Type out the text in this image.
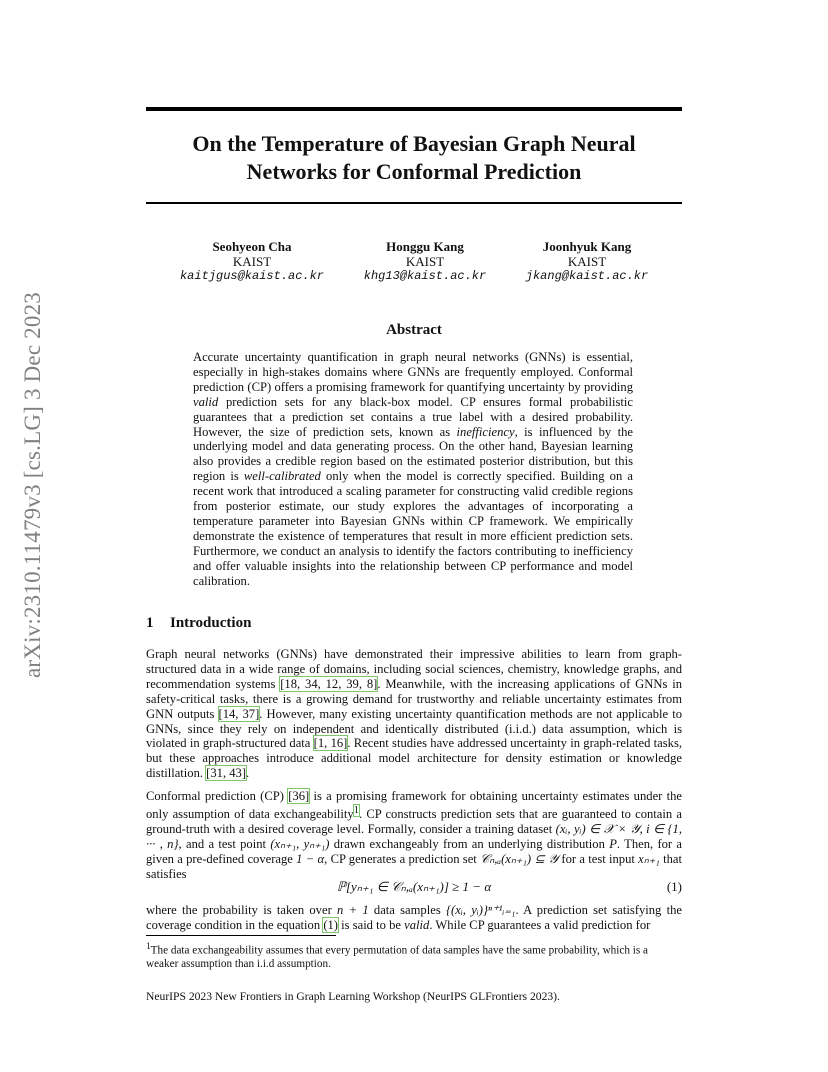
arXiv:2310.11479v3 [cs.LG] 3 Dec 2023
On the Temperature of Bayesian Graph Neural
Networks for Conformal Prediction
Seohyeon Cha
KAIST
kaitjgus@kaist.ac.kr
Honggu Kang
KAIST
khg13@kaist.ac.kr
Joonhyuk Kang
KAIST
jkang@kaist.ac.kr
Abstract
Accurate uncertainty quantification in graph neural networks (GNNs) is essential, especially in high-stakes domains where GNNs are frequently employed. Conformal prediction (CP) offers a promising framework for quantifying uncertainty by providing valid prediction sets for any black-box model. CP ensures formal probabilistic guarantees that a prediction set contains a true label with a desired probability. However, the size of prediction sets, known as inefficiency, is influenced by the underlying model and data generating process. On the other hand, Bayesian learning also provides a credible region based on the estimated posterior distribution, but this region is well-calibrated only when the model is correctly specified. Building on a recent work that introduced a scaling parameter for constructing valid credible regions from posterior estimate, our study explores the advantages of incorporating a temperature parameter into Bayesian GNNs within CP framework. We empirically demonstrate the existence of temperatures that result in more efficient prediction sets. Furthermore, we conduct an analysis to identify the factors contributing to inefficiency and offer valuable insights into the relationship between CP performance and model calibration.
1 Introduction
Graph neural networks (GNNs) have demonstrated their impressive abilities to learn from graph-structured data in a wide range of domains, including social sciences, chemistry, knowledge graphs, and recommendation systems [18, 34, 12, 39, 8]. Meanwhile, with the increasing applications of GNNs in safety-critical tasks, there is a growing demand for trustworthy and reliable uncertainty estimates from GNN outputs [14, 37]. However, many existing uncertainty quantification methods are not applicable to GNNs, since they rely on independent and identically distributed (i.i.d.) data assumption, which is violated in graph-structured data [1, 16]. Recent studies have addressed uncertainty in graph-related tasks, but these approaches introduce additional model architecture for density estimation or knowledge distillation. [31, 43].
Conformal prediction (CP) [36] is a promising framework for obtaining uncertainty estimates under the only assumption of data exchangeability$^1$. CP constructs prediction sets that are guaranteed to contain a ground-truth with a desired coverage level. Formally, consider a training dataset (xᵢ, yᵢ) ∈ 𝒳 × 𝒴, i ∈ {1, ··· , n}, and a test point (xₙ₊₁, yₙ₊₁) drawn exchangeably from an underlying distribution P. Then, for a given a pre-defined coverage 1 − α, CP generates a prediction set 𝒞ₙ,ₐ(xₙ₊₁) ⊆ 𝒴 for a test input xₙ₊₁ that satisfies
ℙ[yₙ₊₁ ∈ 𝒞ₙ,ₐ(xₙ₊₁)] ≥ 1 − α	(1)
where the probability is taken over n + 1 data samples {(xᵢ, yᵢ)}ⁿ⁺¹ᵢ₌₁. A prediction set satisfying the coverage condition in the equation (1) is said to be valid. While CP guarantees a valid prediction for
$^1$The data exchangeability assumes that every permutation of data samples have the same probability, which is a weaker assumption than i.i.d assumption.
NeurIPS 2023 New Frontiers in Graph Learning Workshop (NeurIPS GLFrontiers 2023).
